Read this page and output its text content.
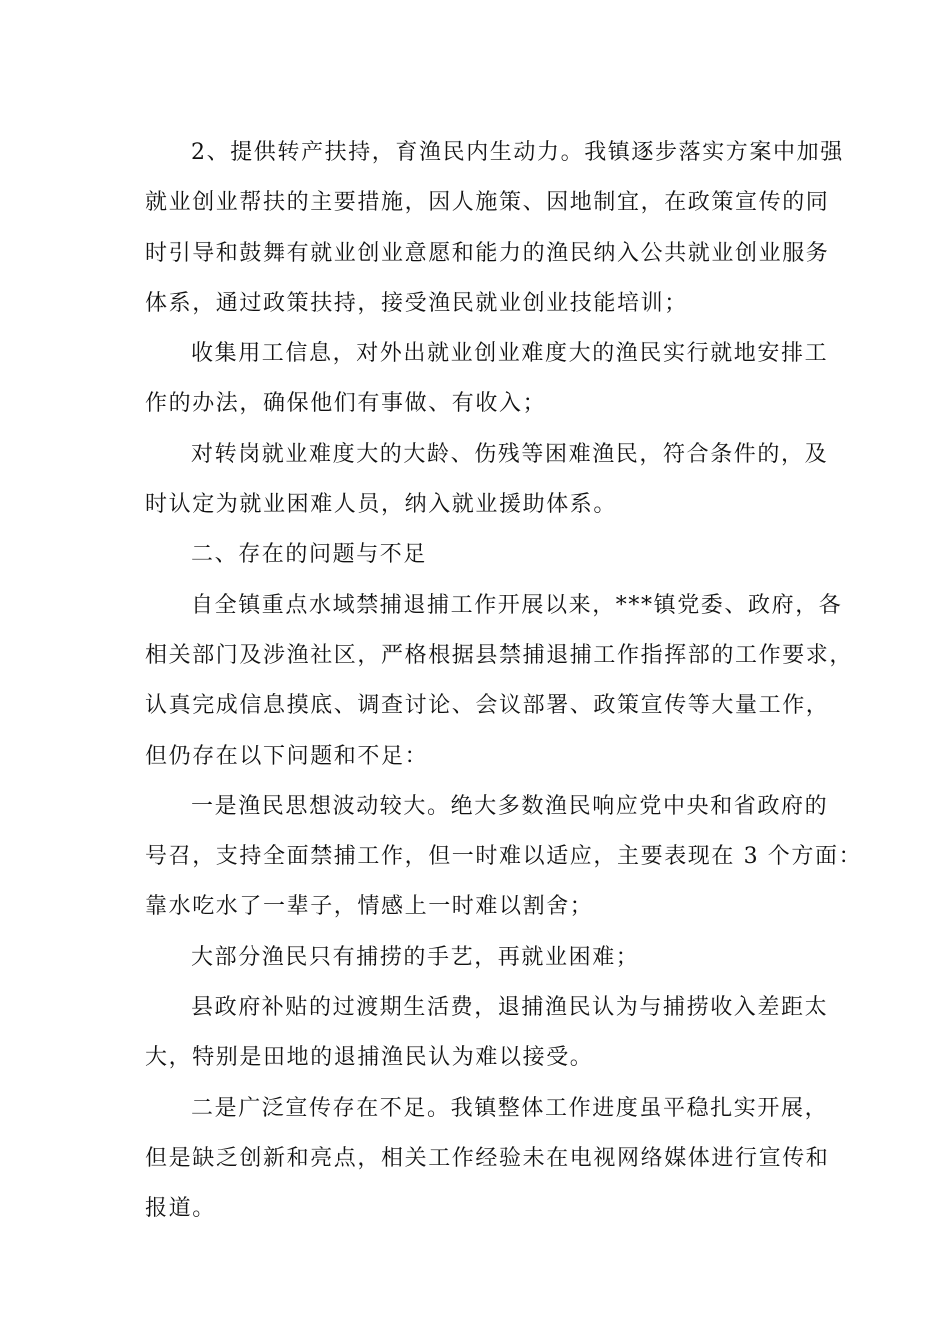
2、提供转产扶持，育渔民内生动力。我镇逐步落实方案中加强
就业创业帮扶的主要措施，因人施策、因地制宜，在政策宣传的同
时引导和鼓舞有就业创业意愿和能力的渔民纳入公共就业创业服务
体系，通过政策扶持，接受渔民就业创业技能培训；
收集用工信息，对外出就业创业难度大的渔民实行就地安排工
作的办法，确保他们有事做、有收入；
对转岗就业难度大的大龄、伤残等困难渔民，符合条件的，及
时认定为就业困难人员，纳入就业援助体系。
二、存在的问题与不足
自全镇重点水域禁捕退捕工作开展以来，***镇党委、政府，各
相关部门及涉渔社区，严格根据县禁捕退捕工作指挥部的工作要求，
认真完成信息摸底、调查讨论、会议部署、政策宣传等大量工作，
但仍存在以下问题和不足：
一是渔民思想波动较大。绝大多数渔民响应党中央和省政府的
号召，支持全面禁捕工作，但一时难以适应，主要表现在 3 个方面：
靠水吃水了一辈子，情感上一时难以割舍；
大部分渔民只有捕捞的手艺，再就业困难；
县政府补贴的过渡期生活费，退捕渔民认为与捕捞收入差距太
大，特别是田地的退捕渔民认为难以接受。
二是广泛宣传存在不足。我镇整体工作进度虽平稳扎实开展，
但是缺乏创新和亮点，相关工作经验未在电视网络媒体进行宣传和
报道。
